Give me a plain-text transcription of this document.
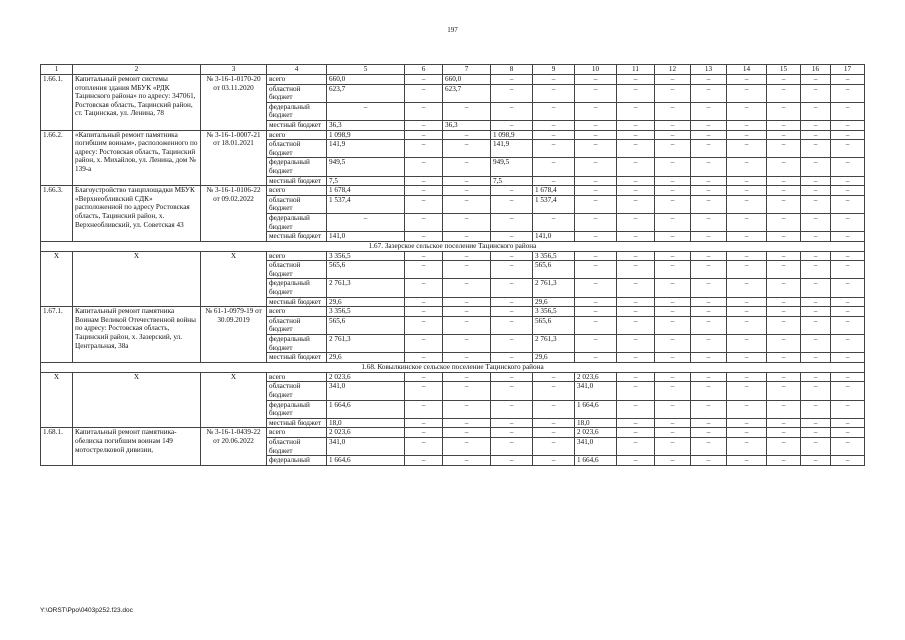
197
1	2	3	4	5	6	7	8	9	10	11	12	13	14	15	16	17
1.66.1.	Капитальный ремонт системы отопления здания МБУК «РДК Тацинского района» по адресу: 347061, Ростовская область, Тацинский район, ст. Тацинская, ул. Ленина, 78	№ 3-16-1-0170-20 от 03.11.2020	всего	660,0	–	660,0	–	–	–	–	–	–	–	–	–	–
			областной бюджет	623,7	–	623,7	–	–	–	–	–	–	–	–	–	–
			федеральный бюджет	–	–	–	–	–	–	–	–	–	–	–	–	–
			местный бюджет	36,3	–	36,3	–	–	–	–	–	–	–	–	–	–
1.66.2.	«Капитальный ремонт памятника погибшим воинам», расположенного по адресу: Ростовская область, Тацинский район, х. Михайлов, ул. Ленина, дом № 139-а	№ 3-16-1-0007-21 от 18.01.2021	всего	1 098,9	–	–	1 098,9	–	–	–	–	–	–	–	–	–
			областной бюджет	141,9	–	–	141,9	–	–	–	–	–	–	–	–	–
			федеральный бюджет	949,5	–	–	949,5	–	–	–	–	–	–	–	–	–
			местный бюджет	7,5	–	–	7,5	–	–	–	–	–	–	–	–	–
1.66.3.	Благоустройство танцплощадки МБУК «Верхнеобливский СДК» расположенной по адресу Ростовская область, Тацинский район, х. Верхнеобливский, ул. Советская 43	№ 3-16-1-0106-22 от 09.02.2022	всего	1 678,4	–	–	–	1 678,4	–	–	–	–	–	–	–	–
			областной бюджет	1 537,4	–	–	–	1 537,4	–	–	–	–	–	–	–	–
			федеральный бюджет	–	–	–	–	–	–	–	–	–	–	–	–	–
			местный бюджет	141,0	–	–	–	141,0	–	–	–	–	–	–	–	–
1.67. Зазерское сельское поселение Тацинского района																
Х	Х	Х	всего	3 356,5	–	–	–	3 356,5	–	–	–	–	–	–	–	–
			областной бюджет	565,6	–	–	–	565,6	–	–	–	–	–	–	–	–
			федеральный бюджет	2 761,3	–	–	–	2 761,3	–	–	–	–	–	–	–	–
			местный бюджет	29,6	–	–	–	29,6	–	–	–	–	–	–	–	–
1.67.1.	Капитальный ремонт памятника Воинам Великой Отечественной войны по адресу: Ростовская область, Тацинский район, х. Зазерский, ул. Центральная, 38а	№ 61-1-0979-19 от 30.09.2019	всего	3 356,5	–	–	–	3 356,5	–	–	–	–	–	–	–	–
			областной бюджет	565,6	–	–	–	565,6	–	–	–	–	–	–	–	–
			федеральный бюджет	2 761,3	–	–	–	2 761,3	–	–	–	–	–	–	–	–
			местный бюджет	29,6	–	–	–	29,6	–	–	–	–	–	–	–	–
1.68. Ковылкинское сельское поселение Тацинского района																
Х	Х	Х	всего	2 023,6	–	–	–	–	2 023,6	–	–	–	–	–	–	–
			областной бюджет	341,0	–	–	–	–	341,0	–	–	–	–	–	–	–
			федеральный бюджет	1 664,6	–	–	–	–	1 664,6	–	–	–	–	–	–	–
			местный бюджет	18,0	–	–	–	–	18,0	–	–	–	–	–	–	–
1.68.1.	Капитальный ремонт памятника-обелиска погибшим воинам 149 мотострелковой дивизии,	№ 3-16-1-0439-22 от 20.06.2022	всего	2 023,6	–	–	–	–	2 023,6	–	–	–	–	–	–	–
			областной бюджет	341,0	–	–	–	–	341,0	–	–	–	–	–	–	–
			федеральный	1 664,6	–	–	–	–	1 664,6	–	–	–	–	–	–	–
Y:\ORST\Ppo\0403p252.f23.doc
